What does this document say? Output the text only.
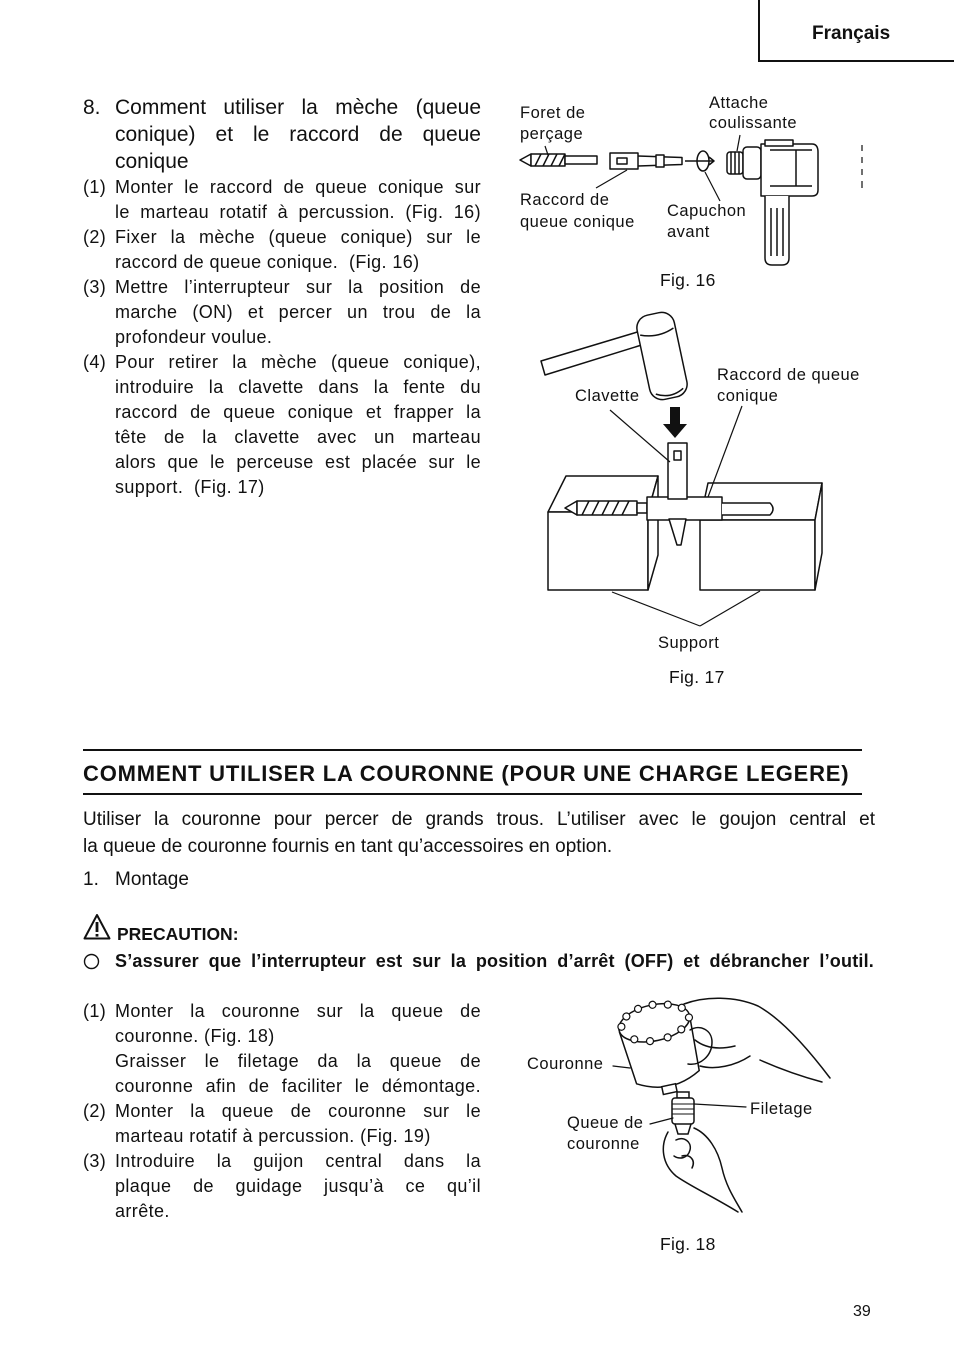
Français
8. Comment utiliser la mèche (queue
conique) et le raccord de queue
conique
(1) Monter le raccord de queue conique sur
le marteau rotatif à percussion. (Fig. 16)
(2) Fixer la mèche (queue conique) sur le
raccord de queue conique.  (Fig. 16)
(3) Mettre l’interrupteur sur la position de
marche (ON) et percer un trou de la
profondeur voulue.
(4) Pour retirer la mèche (queue conique),
introduire la clavette dans la fente du
raccord de queue conique et frapper la
tête de la clavette avec un marteau
alors que le perceuse est placée sur le
support.  (Fig. 17)
Foret de
perçage
Attache
coulissante
Raccord de
queue conique
Capuchon
avant
Fig. 16
Raccord de queue
conique
Clavette
Support
Fig. 17
COMMENT UTILISER LA COURONNE (POUR UNE CHARGE LEGERE)
Utiliser la couronne pour percer de grands trous. L’utiliser avec le goujon central et
la queue de couronne fournis en tant qu’accessoires en option.
1. Montage
PRECAUTION:
S’assurer que l’interrupteur est sur la position d’arrêt (OFF) et débrancher l’outil.
(1) Monter la couronne sur la queue de
couronne. (Fig. 18)
Graisser le filetage da la queue de
couronne afin de faciliter le démontage.
(2) Monter la queue de couronne sur le
marteau rotatif à percussion. (Fig. 19)
(3) Introduire la guijon central dans la
plaque de guidage jusqu’à ce qu’il
arrête.
Couronne
Queue de
couronne
Filetage
Fig. 18
39
